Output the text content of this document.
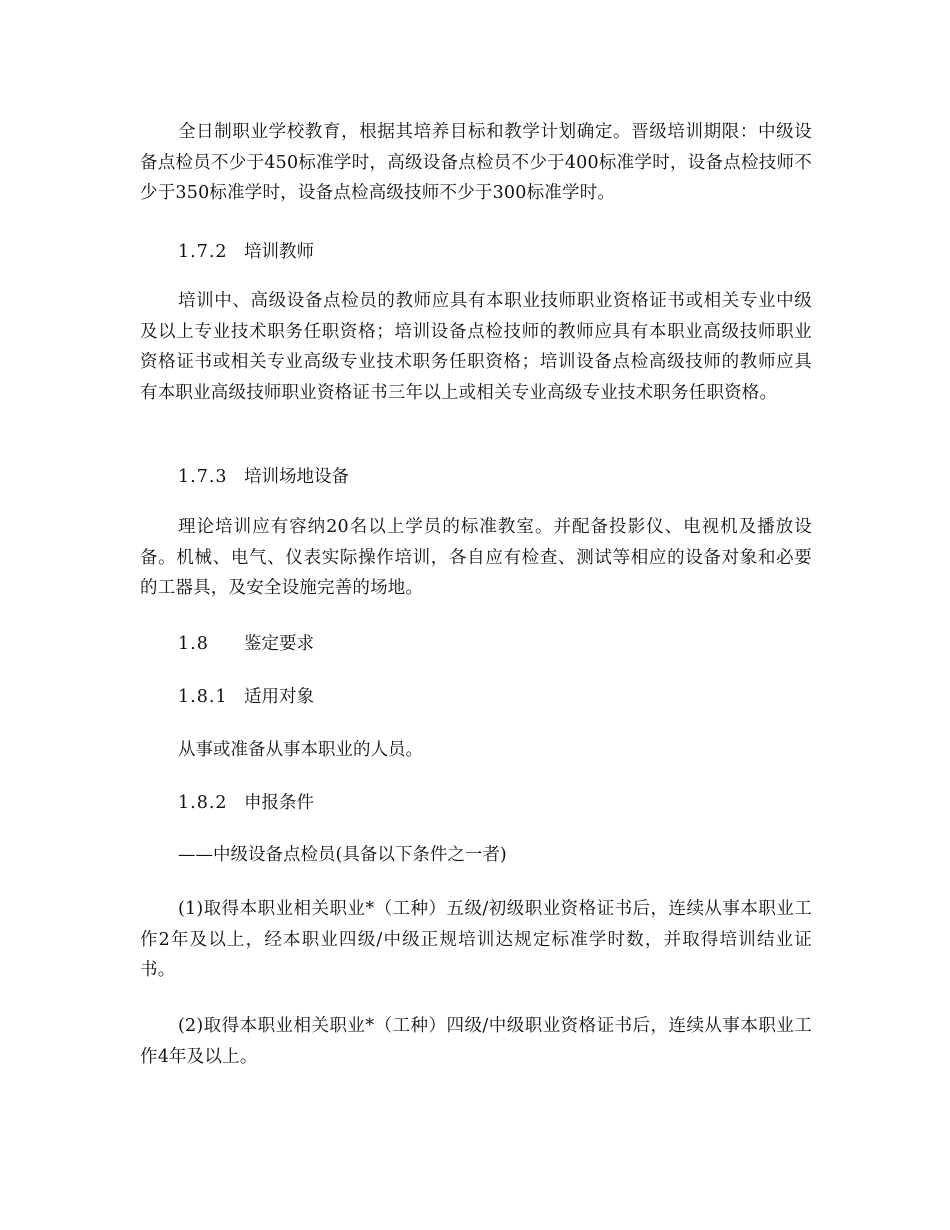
全日制职业学校教育，根据其培养目标和教学计划确定。晋级培训期限：中级设备点检员不少于450标准学时，高级设备点检员不少于400标准学时，设备点检技师不少于350标准学时，设备点检高级技师不少于300标准学时。

1.7.2 培训教师

培训中、高级设备点检员的教师应具有本职业技师职业资格证书或相关专业中级及以上专业技术职务任职资格；培训设备点检技师的教师应具有本职业高级技师职业资格证书或相关专业高级专业技术职务任职资格；培训设备点检高级技师的教师应具有本职业高级技师职业资格证书三年以上或相关专业高级专业技术职务任职资格。

1.7.3 培训场地设备

理论培训应有容纳20名以上学员的标准教室。并配备投影仪、电视机及播放设备。机械、电气、仪表实际操作培训，各自应有检查、测试等相应的设备对象和必要的工器具，及安全设施完善的场地。

1.8 鉴定要求

1.8.1 适用对象

从事或准备从事本职业的人员。

1.8.2 申报条件

——中级设备点检员(具备以下条件之一者)

(1)取得本职业相关职业*（工种）五级/初级职业资格证书后，连续从事本职业工作2年及以上，经本职业四级/中级正规培训达规定标准学时数，并取得培训结业证书。

(2)取得本职业相关职业*（工种）四级/中级职业资格证书后，连续从事本职业工作4年及以上。
